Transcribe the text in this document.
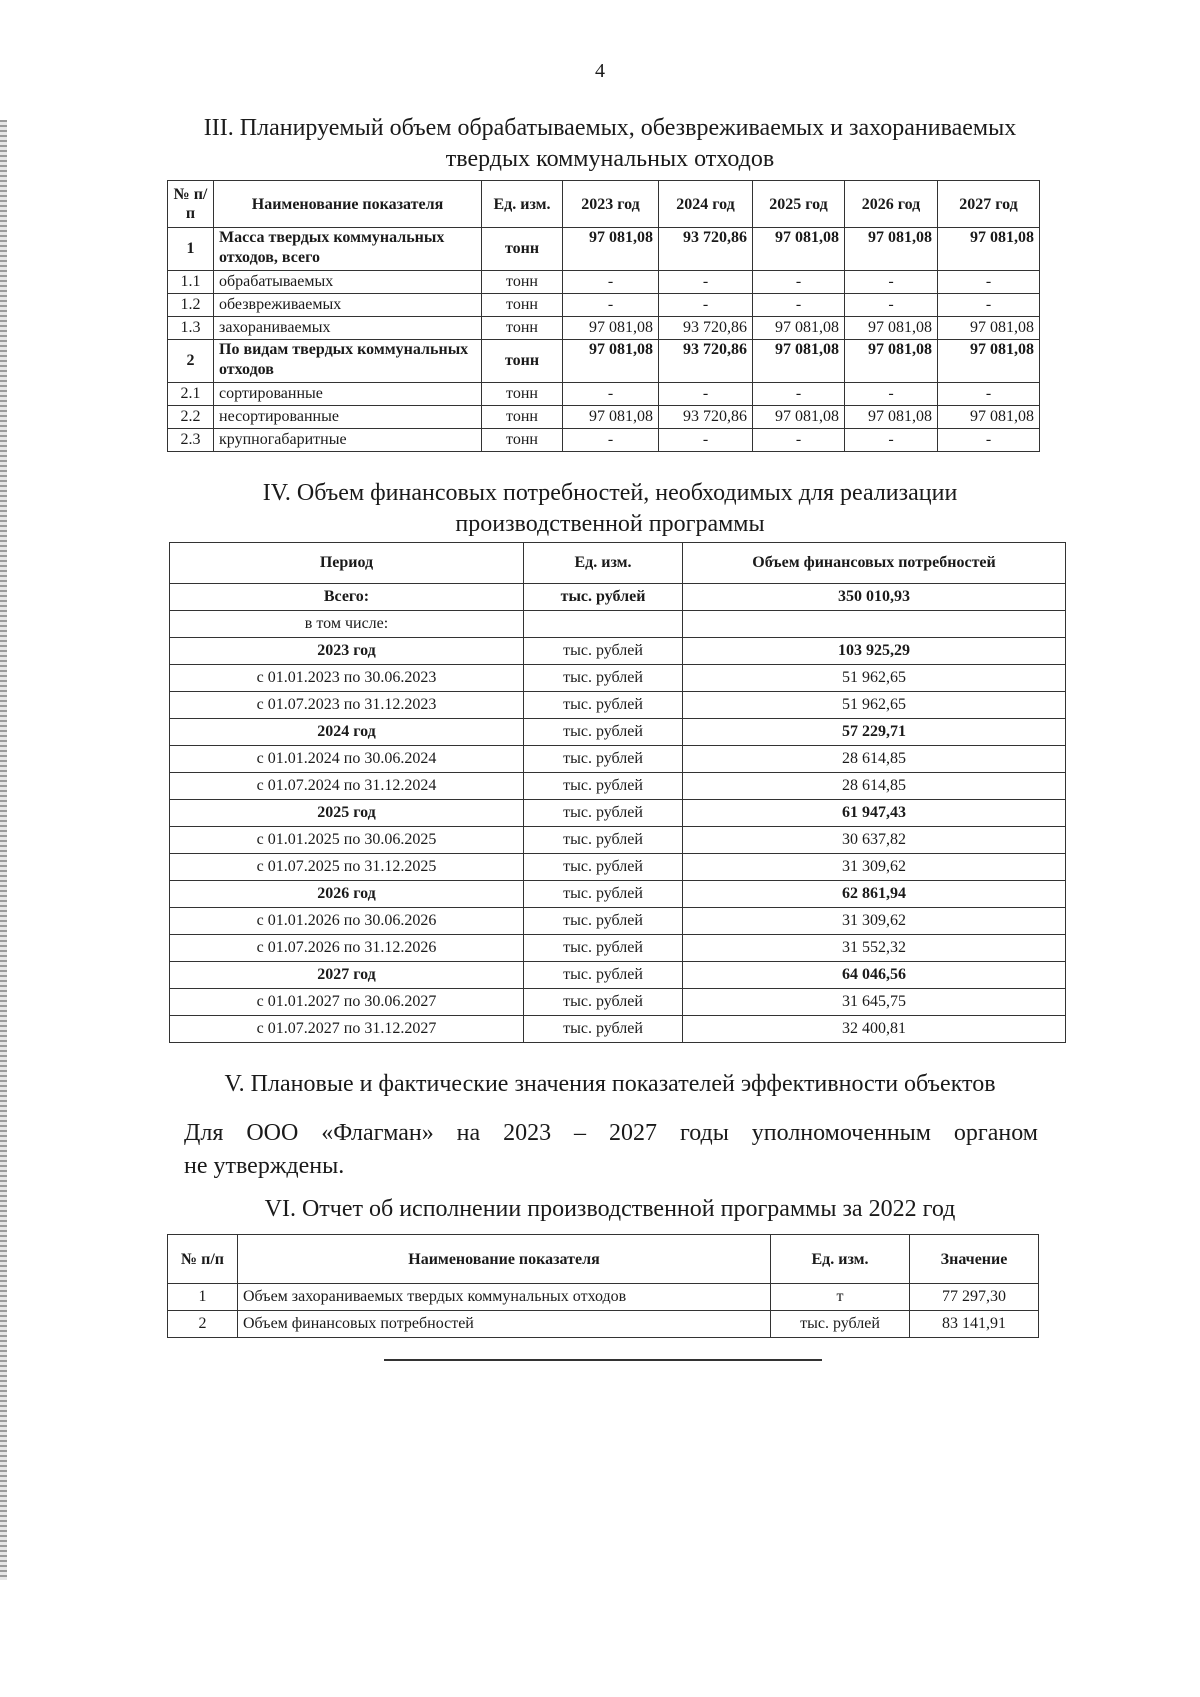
4
III. Планируемый объем обрабатываемых, обезвреживаемых и захораниваемых
твердых коммунальных отходов
№ п/п	Наименование показателя	Ед. изм.	2023 год	2024 год	2025 год	2026 год	2027 год
1	Масса твердых коммунальных отходов, всего	тонн	97 081,08	93 720,86	97 081,08	97 081,08	97 081,08
1.1	обрабатываемых	тонн	-	-	-	-	-
1.2	обезвреживаемых	тонн	-	-	-	-	-
1.3	захораниваемых	тонн	97 081,08	93 720,86	97 081,08	97 081,08	97 081,08
2	По видам твердых коммунальных отходов	тонн	97 081,08	93 720,86	97 081,08	97 081,08	97 081,08
2.1	сортированные	тонн	-	-	-	-	-
2.2	несортированные	тонн	97 081,08	93 720,86	97 081,08	97 081,08	97 081,08
2.3	крупногабаритные	тонн	-	-	-	-	-
IV. Объем финансовых потребностей, необходимых для реализации
производственной программы
Период	Ед. изм.	Объем финансовых потребностей
Всего:	тыс. рублей	350 010,93
в том числе:		
2023 год	тыс. рублей	103 925,29
с 01.01.2023 по 30.06.2023	тыс. рублей	51 962,65
с 01.07.2023 по 31.12.2023	тыс. рублей	51 962,65
2024 год	тыс. рублей	57 229,71
с 01.01.2024 по 30.06.2024	тыс. рублей	28 614,85
с 01.07.2024 по 31.12.2024	тыс. рублей	28 614,85
2025 год	тыс. рублей	61 947,43
с 01.01.2025 по 30.06.2025	тыс. рублей	30 637,82
с 01.07.2025 по 31.12.2025	тыс. рублей	31 309,62
2026 год	тыс. рублей	62 861,94
с 01.01.2026 по 30.06.2026	тыс. рублей	31 309,62
с 01.07.2026 по 31.12.2026	тыс. рублей	31 552,32
2027 год	тыс. рублей	64 046,56
с 01.01.2027 по 30.06.2027	тыс. рублей	31 645,75
с 01.07.2027 по 31.12.2027	тыс. рублей	32 400,81
V. Плановые и фактические значения показателей эффективности объектов
Для ООО «Флагман» на 2023 – 2027 годы уполномоченным органом
не утверждены.
VI. Отчет об исполнении производственной программы за 2022 год
№ п/п	Наименование показателя	Ед. изм.	Значение
1	Объем захораниваемых твердых коммунальных отходов	т	77 297,30
2	Объем финансовых потребностей	тыс. рублей	83 141,91
